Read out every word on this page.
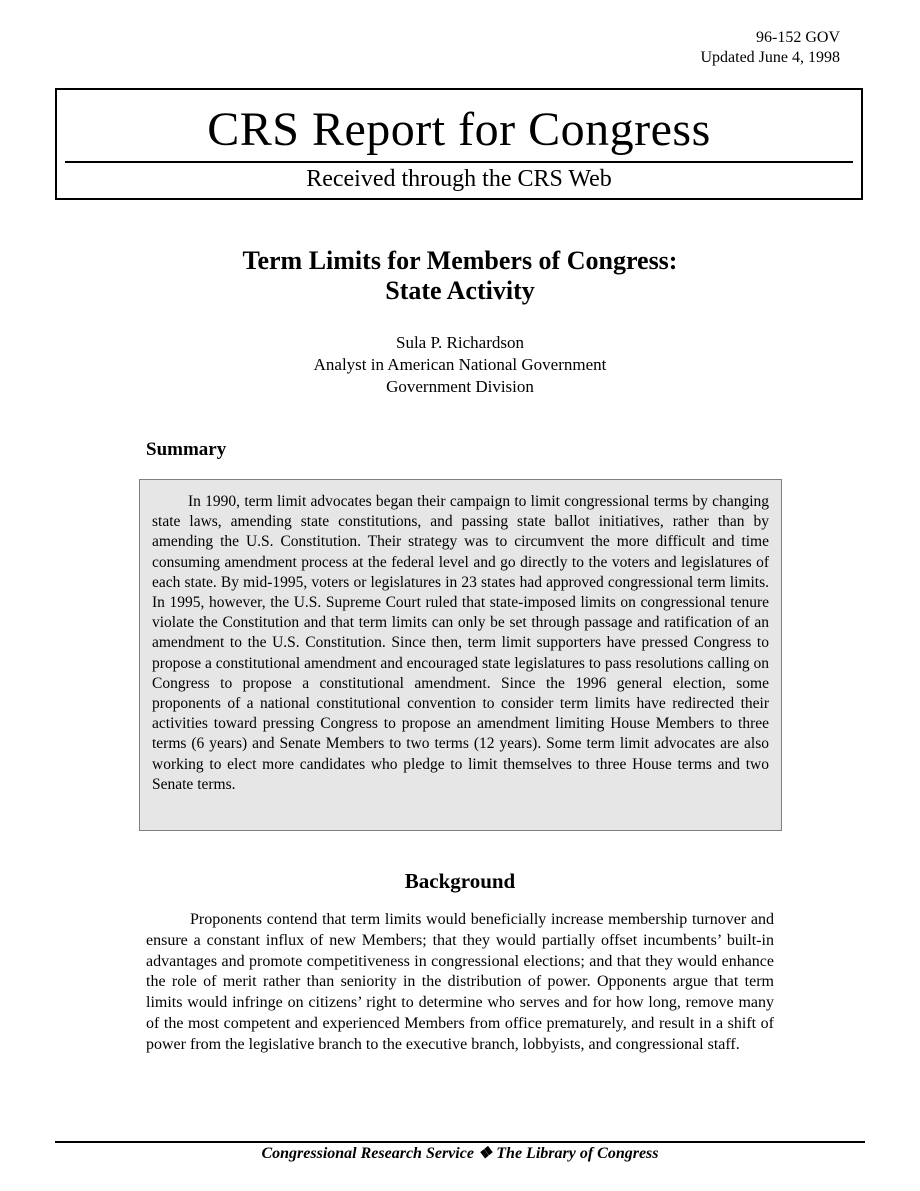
96-152 GOV
Updated June 4, 1998
CRS Report for Congress
Received through the CRS Web
Term Limits for Members of Congress:
State Activity
Sula P. Richardson
Analyst in American National Government
Government Division
Summary
In 1990, term limit advocates began their campaign to limit congressional terms by changing state laws, amending state constitutions, and passing state ballot initiatives, rather than by amending the U.S. Constitution. Their strategy was to circumvent the more difficult and time consuming amendment process at the federal level and go directly to the voters and legislatures of each state. By mid-1995, voters or legislatures in 23 states had approved congressional term limits. In 1995, however, the U.S. Supreme Court ruled that state-imposed limits on congressional tenure violate the Constitution and that term limits can only be set through passage and ratification of an amendment to the U.S. Constitution. Since then, term limit supporters have pressed Congress to propose a constitutional amendment and encouraged state legislatures to pass resolutions calling on Congress to propose a constitutional amendment. Since the 1996 general election, some proponents of a national constitutional convention to consider term limits have redirected their activities toward pressing Congress to propose an amendment limiting House Members to three terms (6 years) and Senate Members to two terms (12 years). Some term limit advocates are also working to elect more candidates who pledge to limit themselves to three House terms and two Senate terms.
Background
Proponents contend that term limits would beneficially increase membership turnover and ensure a constant influx of new Members; that they would partially offset incumbents’ built-in advantages and promote competitiveness in congressional elections; and that they would enhance the role of merit rather than seniority in the distribution of power. Opponents argue that term limits would infringe on citizens’ right to determine who serves and for how long, remove many of the most competent and experienced Members from office prematurely, and result in a shift of power from the legislative branch to the executive branch, lobbyists, and congressional staff.
Congressional Research Service ❖ The Library of Congress
